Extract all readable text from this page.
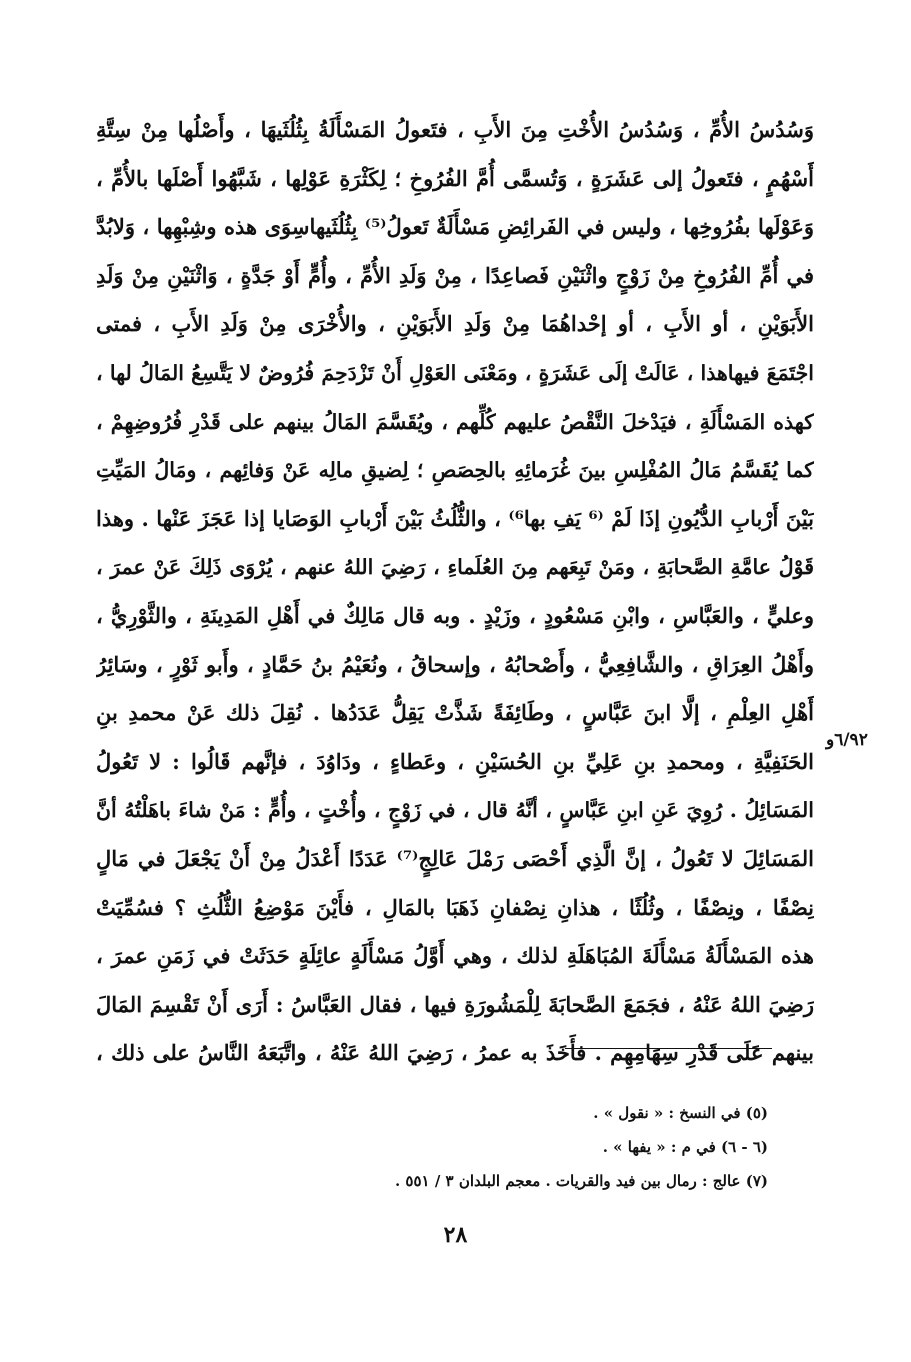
وَسُدُسُ الأُمِّ ، وَسُدُسُ الأُخْتِ مِنَ الأَبِ ، فتَعولُ المَسْأَلَةُ بِثُلُثَيهَا ، وأَصْلُها مِنْ سِتَّةِ
أَسْهُمٍ ، فتَعولُ إلى عَشَرَةٍ ، وَتُسمَّى أُمَّ الفُرُوخِ ؛ لِكَثْرَةِ عَوْلِها ، شَبَّهُوا أَصْلَها بالأُمِّ ،
وَعَوْلَها بفُرُوخِها ، وليس في الفَرائِضِ مَسْأَلَةٌ تَعولُ⁽⁵⁾ بِثُلُثَيهاسِوَى هذه وشِبْهِها ، وَلابُدَّ
في أُمِّ الفُرُوخِ مِنْ زَوْجٍ واثْنَيْنِ فَصاعِدًا ، مِنْ وَلَدِ الأُمِّ ، وأُمٍّ أَوْ جَدَّةٍ ، وَاثْنَيْنِ مِنْ وَلَدِ
الأَبَوَيْنِ ، أو الأَبِ ، أو إحْداهُمَا مِنْ وَلَدِ الأَبَوَيْنِ ، والأُخْرَى مِنْ وَلَدِ الأَبِ ، فمتى
اجْتَمَعَ فيهاهذا ، عَالَتْ إلَى عَشَرَةٍ ، ومَعْنَى العَوْلِ أَنْ تَزْدَحِمَ فُرُوضٌ لا يَتَّسِعُ المَالُ لها ،
كهذه المَسْأَلَةِ ، فيَدْخلَ النَّقْصُ عليهم كُلِّهم ، ويُقَسَّمَ المَالُ بينهم على قَدْرِ فُرُوضِهِمْ ،
كما يُقَسَّمُ مَالُ المُفْلِسِ بينَ غُرَمائِهِ بالحِصَصِ ؛ لِضيقِ مالِه عَنْ وَفائِهم ، ومَالُ المَيِّتِ
بَيْنَ أَرْبابِ الدُّيُونِ إذَا لَمْ ⁽⁶ يَفِ بها⁶⁾ ، والثُّلُثُ بَيْنَ أَرْبابِ الوَصَايا إذا عَجَزَ عَنْها . وهذا
قَوْلُ عامَّةِ الصَّحابَةِ ، ومَنْ تَبِعَهم مِنَ العُلَماءِ ، رَضِيَ اللهُ عنهم ، يُرْوَى ذَلِكَ عَنْ عمرَ ،
وعليٍّ ، والعَبَّاسِ ، وابْنِ مَسْعُودٍ ، وزَيْدٍ . وبه قال مَالِكٌ في أَهْلِ المَدِينَةِ ، والثَّوْرِيُّ ،
وأَهْلُ العِرَاقِ ، والشَّافِعِيُّ ، وأَصْحابُهُ ، وإسحاقُ ، ونُعَيْمُ بنُ حَمَّادٍ ، وأَبو ثَوْرٍ ، وسَائِرُ
أَهْلِ العِلْمِ ، إلَّا ابنَ عَبَّاسٍ ، وطَائِفَةً شَذَّتْ يَقِلُّ عَدَدُها . نُقِلَ ذلك عَنْ محمدِ بنِ
الحَنَفِيَّةِ ، ومحمدِ بنِ عَلِيِّ بنِ الحُسَيْنِ ، وعَطاءٍ ، ودَاوُدَ ، فإنَّهم قَالُوا : لا تَعُولُ
المَسَائِلُ . رُوِيَ عَنِ ابنِ عَبَّاسٍ ، أنَّهُ قال ، في زَوْجٍ ، وأُخْتٍ ، وأُمٍّ : مَنْ شاءَ باهَلْتُهُ أنَّ
المَسَائِلَ لا تَعُولُ ، إنَّ الَّذِي أَحْصَى رَمْلَ عَالِجٍ⁽⁷⁾ عَدَدًا أَعْدَلُ مِنْ أَنْ يَجْعَلَ في مَالٍ
نِصْفًا ، ونِصْفًا ، وثُلُثًا ، هذانِ نِصْفانِ ذَهَبَا بالمَالِ ، فأَيْنَ مَوْضِعُ الثُّلُثِ ؟ فسُمِّيَتْ
هذه المَسْأَلَةُ مَسْأَلَةَ المُبَاهَلَةِ لذلك ، وهي أَوَّلُ مَسْأَلَةٍ عائِلَةٍ حَدَثَتْ في زَمَنِ عمرَ ،
رَضِيَ اللهُ عَنْهُ ، فجَمَعَ الصَّحابَةَ لِلْمَشُورَةِ فيها ، فقال العَبَّاسُ : أَرَى أَنْ تَقْسِمَ المَالَ
بينهم عَلَى قَدْرِ سِهَامِهِم . فأَخَذَ به عمرُ ، رَضِيَ اللهُ عَنْهُ ، واتَّبَعَهُ النَّاسُ على ذلك ،
٦/٩٢و
(٥) في النسخ : « نقول » .
(٦ - ٦) في م : « يفها » .
(٧) عالج : رمال بين فيد والقريات . معجم البلدان ٣ / ٥٥١ .
٢٨
